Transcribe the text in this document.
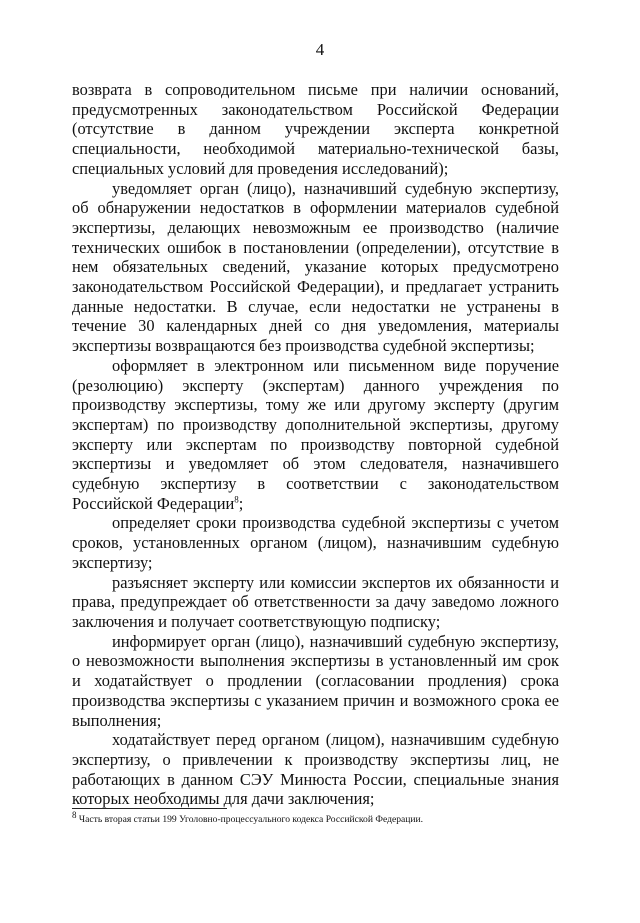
4

возврата в сопроводительном письме при наличии оснований, предусмотренных законодательством Российской Федерации (отсутствие в данном учреждении эксперта конкретной специальности, необходимой материально-технической базы, специальных условий для проведения исследований);

уведомляет орган (лицо), назначивший судебную экспертизу, об обнаружении недостатков в оформлении материалов судебной экспертизы, делающих невозможным ее производство (наличие технических ошибок в постановлении (определении), отсутствие в нем обязательных сведений, указание которых предусмотрено законодательством Российской Федерации), и предлагает устранить данные недостатки. В случае, если недостатки не устранены в течение 30 календарных дней со дня уведомления, материалы экспертизы возвращаются без производства судебной экспертизы;

оформляет в электронном или письменном виде поручение (резолюцию) эксперту (экспертам) данного учреждения по производству экспертизы, тому же или другому эксперту (другим экспертам) по производству дополнительной экспертизы, другому эксперту или экспертам по производству повторной судебной экспертизы и уведомляет об этом следователя, назначившего судебную экспертизу в соответствии с законодательством Российской Федерации$^8$;

определяет сроки производства судебной экспертизы с учетом сроков, установленных органом (лицом), назначившим судебную экспертизу;

разъясняет эксперту или комиссии экспертов их обязанности и права, предупреждает об ответственности за дачу заведомо ложного заключения и получает соответствующую подписку;

информирует орган (лицо), назначивший судебную экспертизу, о невозможности выполнения экспертизы в установленный им срок и ходатайствует о продлении (согласовании продления) срока производства экспертизы с указанием причин и возможного срока ее выполнения;

ходатайствует перед органом (лицом), назначившим судебную экспертизу, о привлечении к производству экспертизы лиц, не работающих в данном СЭУ Минюста России, специальные знания которых необходимы для дачи заключения;

$^8$ Часть вторая статьи 199 Уголовно-процессуального кодекса Российской Федерации.
